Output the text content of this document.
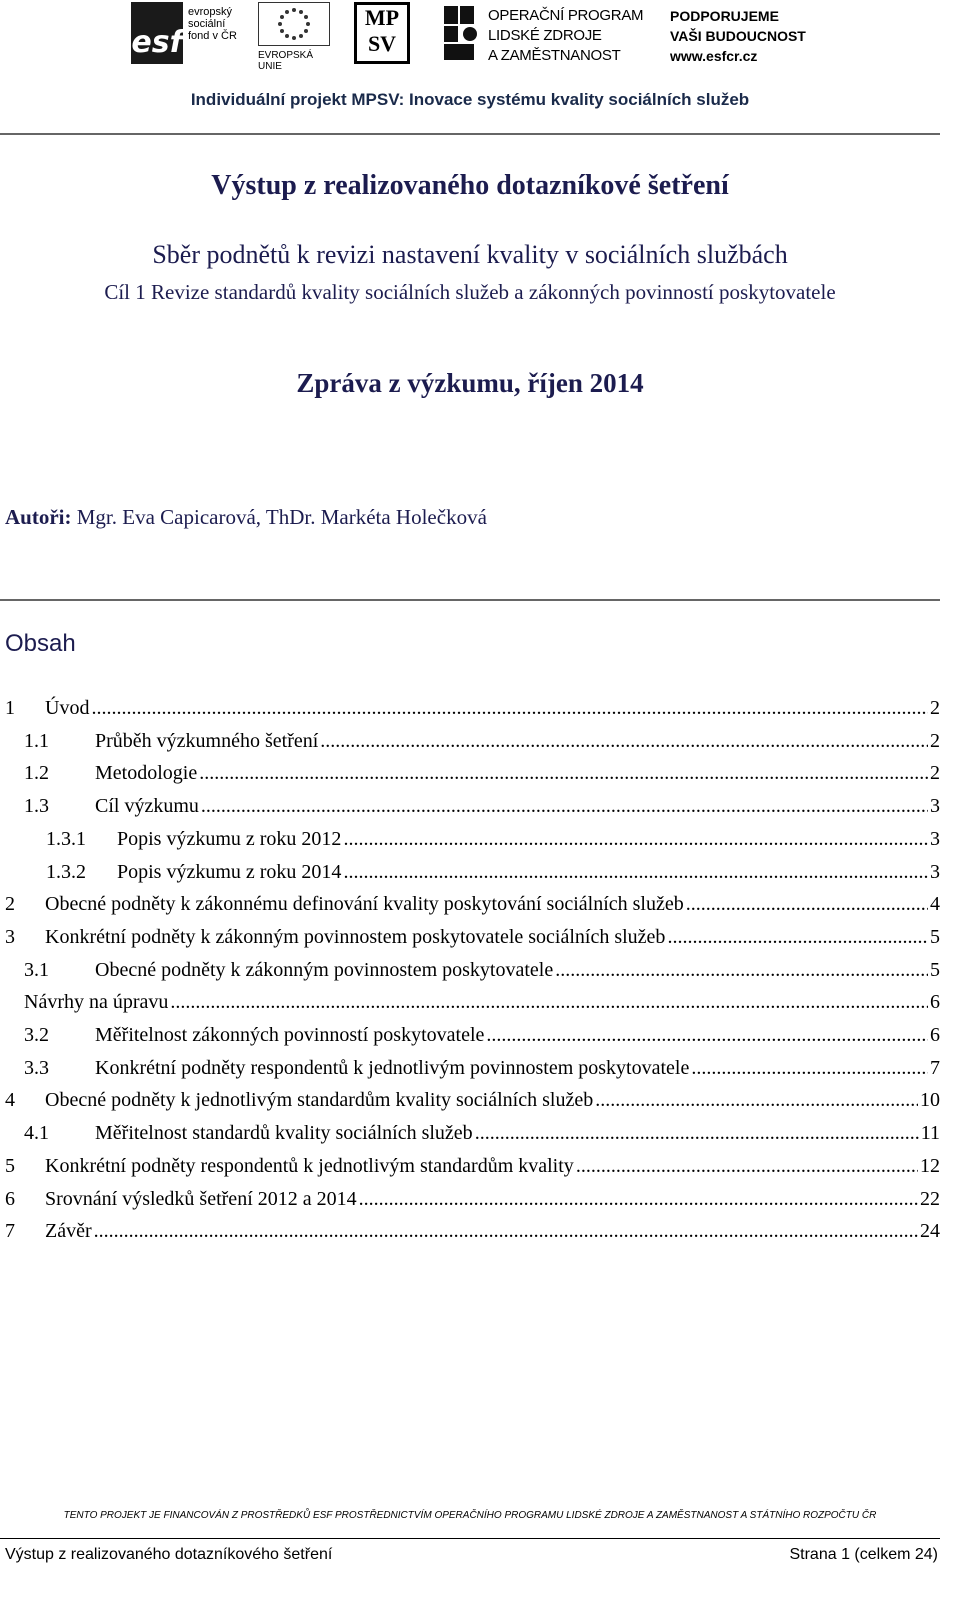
esf
evropský
sociální
fond v ČR
EVROPSKÁ UNIE
MP
SV
OPERAČNÍ PROGRAM
LIDSKÉ ZDROJE
A ZAMĚSTNANOST
PODPORUJEME
VAŠI BUDOUCNOST
www.esfcr.cz
Individuální projekt MPSV: Inovace systému kvality sociálních služeb
Výstup z realizovaného dotazníkové šetření
Sběr podnětů k revizi nastavení kvality v sociálních službách
Cíl 1 Revize standardů kvality sociálních služeb a zákonných povinností poskytovatele
Zpráva z výzkumu, říjen 2014
Autoři: Mgr. Eva Capicarová, ThDr. Markéta Holečková
Obsah
1	Úvod .....	2
1.1	Průběh výzkumného šetření .....	2
1.2	Metodologie .....	2
1.3	Cíl výzkumu .....	3
1.3.1	Popis výzkumu z roku 2012 .....	3
1.3.2	Popis výzkumu z roku 2014 .....	3
2	Obecné podněty k zákonnému definování kvality poskytování sociálních služeb .....	4
3	Konkrétní podněty k zákonným povinnostem poskytovatele sociálních služeb .....	5
3.1	Obecné podněty k zákonným povinnostem poskytovatele .....	5
Návrhy na úpravu .....	6
3.2	Měřitelnost zákonných povinností poskytovatele .....	6
3.3	Konkrétní podněty respondentů k jednotlivým povinnostem poskytovatele .....	7
4	Obecné podněty k jednotlivým standardům kvality sociálních služeb .....	10
4.1	Měřitelnost standardů kvality sociálních služeb .....	11
5	Konkrétní podněty respondentů k jednotlivým standardům kvality .....	12
6	Srovnání výsledků šetření 2012 a 2014 .....	22
7	Závěr .....	24
TENTO PROJEKT JE FINANCOVÁN Z PROSTŘEDKŮ ESF PROSTŘEDNICTVÍM OPERAČNÍHO PROGRAMU LIDSKÉ ZDROJE A ZAMĚSTNANOST A STÁTNÍHO ROZPOČTU ČR
Výstup z realizovaného dotazníkového šetření	Strana 1 (celkem 24)
